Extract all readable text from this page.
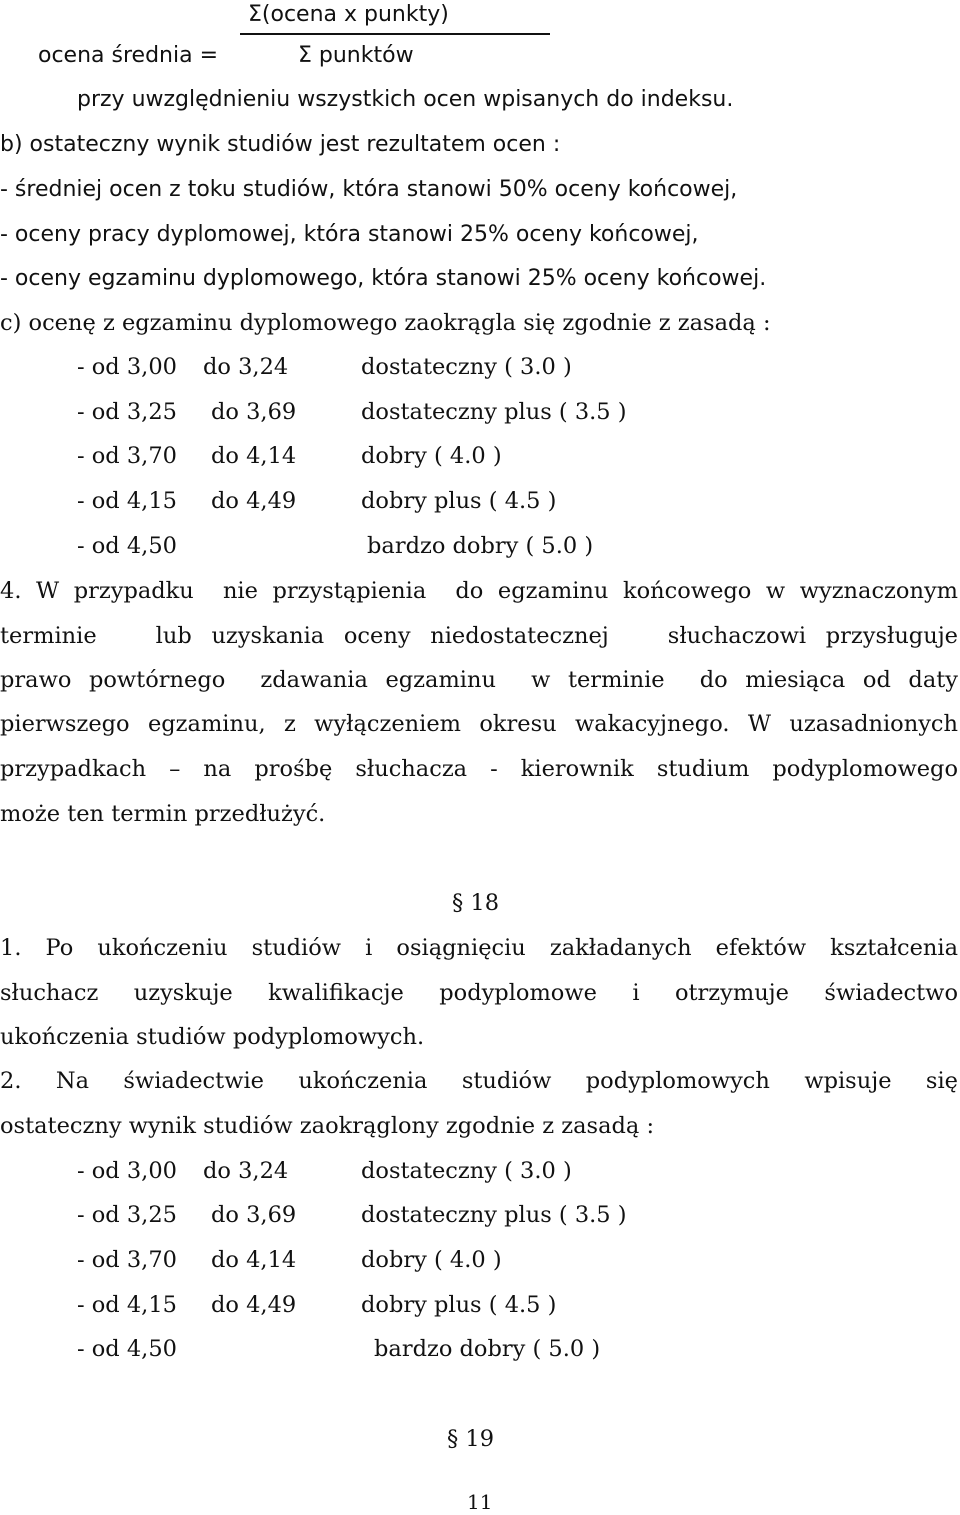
Σ(ocena x punkty)
ocena średnia =	Σ punktów
przy uwzględnieniu wszystkich ocen wpisanych do indeksu.
b) ostateczny wynik studiów jest rezultatem ocen :
- średniej ocen z toku studiów, która stanowi 50% oceny końcowej,
- oceny pracy dyplomowej, która stanowi 25% oceny końcowej,
- oceny egzaminu dyplomowego, która stanowi 25% oceny końcowej.
c) ocenę z egzaminu dyplomowego zaokrągla się zgodnie z zasadą :
- od 3,00 do 3,24	dostateczny ( 3.0 )
- od 3,25 do 3,69	dostateczny plus ( 3.5 )
- od 3,70 do 4,14	dobry ( 4.0 )
- od 4,15 do 4,49	dobry plus ( 4.5 )
- od 4,50	bardzo dobry ( 5.0 )
4. W przypadku  nie przystąpienia  do egzaminu końcowego w wyznaczonym
terminie   lub uzyskania oceny niedostatecznej   słuchaczowi przysługuje
prawo powtórnego  zdawania egzaminu  w terminie  do miesiąca od daty
pierwszego egzaminu, z wyłączeniem okresu wakacyjnego. W uzasadnionych
przypadkach – na prośbę słuchacza - kierownik studium podyplomowego
może ten termin przedłużyć.
§ 18
1. Po ukończeniu studiów i osiągnięciu zakładanych efektów kształcenia
słuchacz uzyskuje kwalifikacje podyplomowe i otrzymuje świadectwo
ukończenia studiów podyplomowych.
2. Na świadectwie ukończenia studiów podyplomowych wpisuje się
ostateczny wynik studiów zaokrąglony zgodnie z zasadą :
- od 3,00 do 3,24	dostateczny ( 3.0 )
- od 3,25 do 3,69	dostateczny plus ( 3.5 )
- od 3,70 do 4,14	dobry ( 4.0 )
- od 4,15 do 4,49	dobry plus ( 4.5 )
- od 4,50	bardzo dobry ( 5.0 )
§ 19
11
